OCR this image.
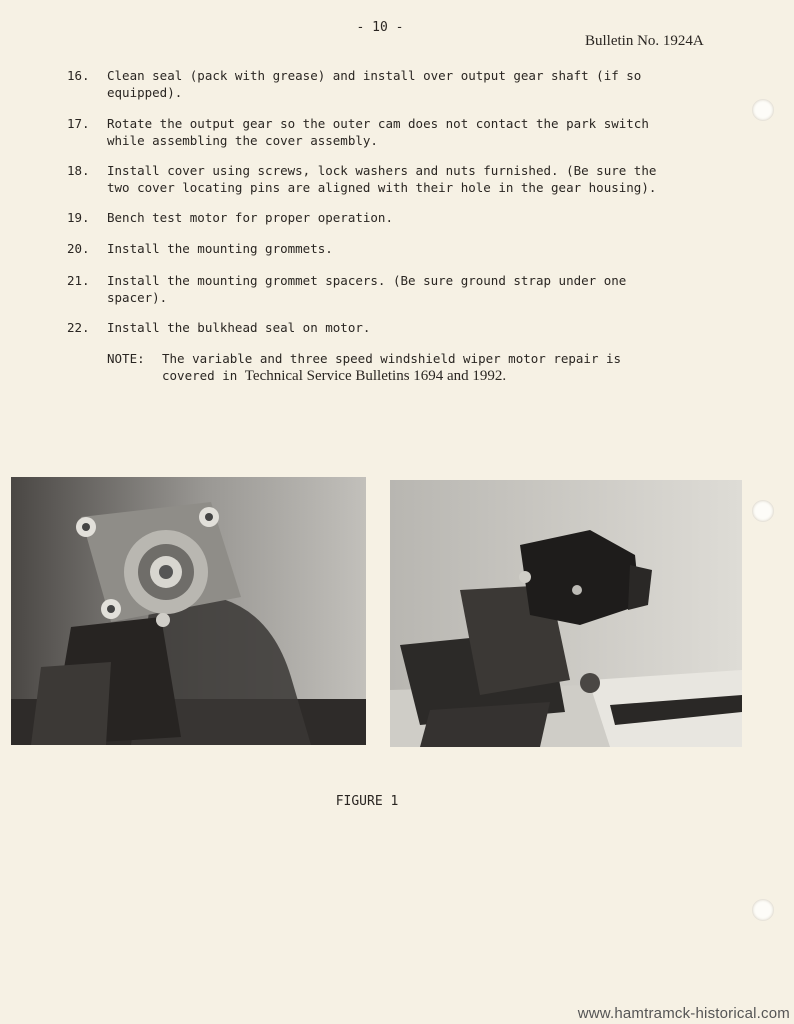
- 10 -
Bulletin No. 1924A
16.	Clean seal (pack with grease) and install over output gear shaft (if so
equipped).
17.	Rotate the output gear so the outer cam does not contact the park switch
while assembling the cover assembly.
18.	Install cover using screws, lock washers and nuts furnished. (Be sure the
two cover locating pins are aligned with their hole in the gear housing).
19.	Bench test motor for proper operation.
20.	Install the mounting grommets.
21.	Install the mounting grommet spacers. (Be sure ground strap under one
spacer).
22.	Install the bulkhead seal on motor.
NOTE: The variable and three speed windshield wiper motor repair is
covered in Technical Service Bulletins 1694 and 1992.
FIGURE 1
www.hamtramck-historical.com
